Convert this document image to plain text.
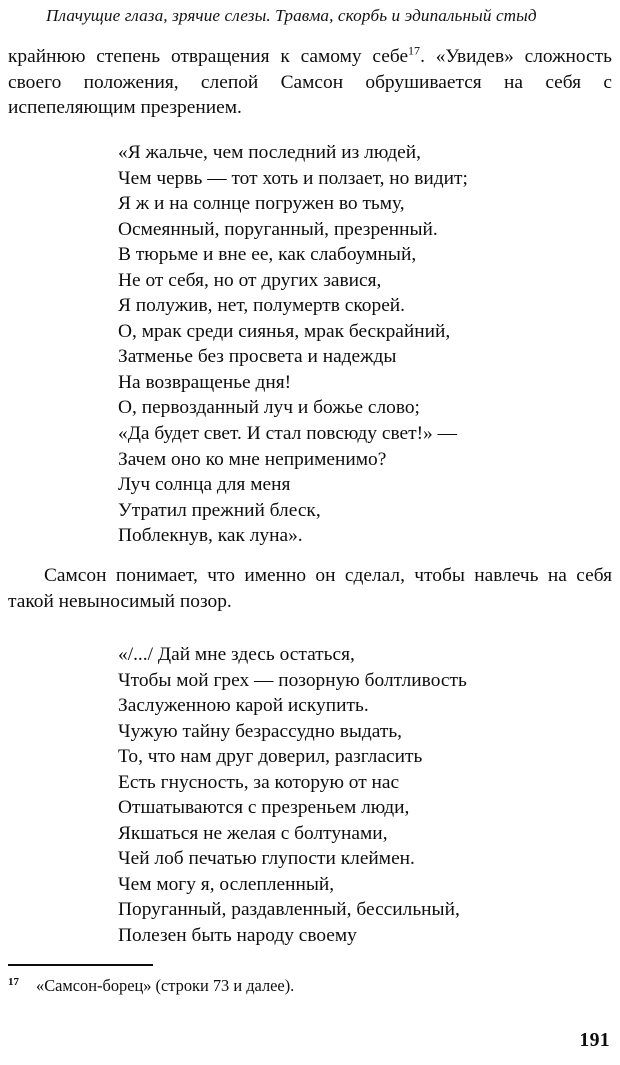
Плачущие глаза, зрячие слезы. Травма, скорбь и эдипальный стыд

крайнюю степень отвращения к самому себе$^{17}$. «Увидев» сложность своего положения, слепой Самсон обрушивается на себя с испепеляющим презрением.

«Я жальче, чем последний из людей,
Чем червь — тот хоть и ползает, но видит;
Я ж и на солнце погружен во тьму,
Осмеянный, поруганный, презренный.
В тюрьме и вне ее, как слабоумный,
Не от себя, но от других завися,
Я полужив, нет, полумертв скорей.
О, мрак среди сиянья, мрак бескрайний,
Затменье без просвета и надежды
На возвращенье дня!
О, первозданный луч и божье слово;
«Да будет свет. И стал повсюду свет!» —
Зачем оно ко мне неприменимо?
Луч солнца для меня
Утратил прежний блеск,
Поблекнув, как луна».

Самсон понимает, что именно он сделал, чтобы навлечь на себя такой невыносимый позор.

«/.../ Дай мне здесь остаться,
Чтобы мой грех — позорную болтливость
Заслуженною карой искупить.
Чужую тайну безрассудно выдать,
То, что нам друг доверил, разгласить
Есть гнусность, за которую от нас
Отшатываются с презреньем люди,
Якшаться не желая с болтунами,
Чей лоб печатью глупости клеймен.
Чем могу я, ослепленный,
Поруганный, раздавленный, бессильный,
Полезен быть народу своему
$^{17}$ «Самсон-борец» (строки 73 и далее).
191
